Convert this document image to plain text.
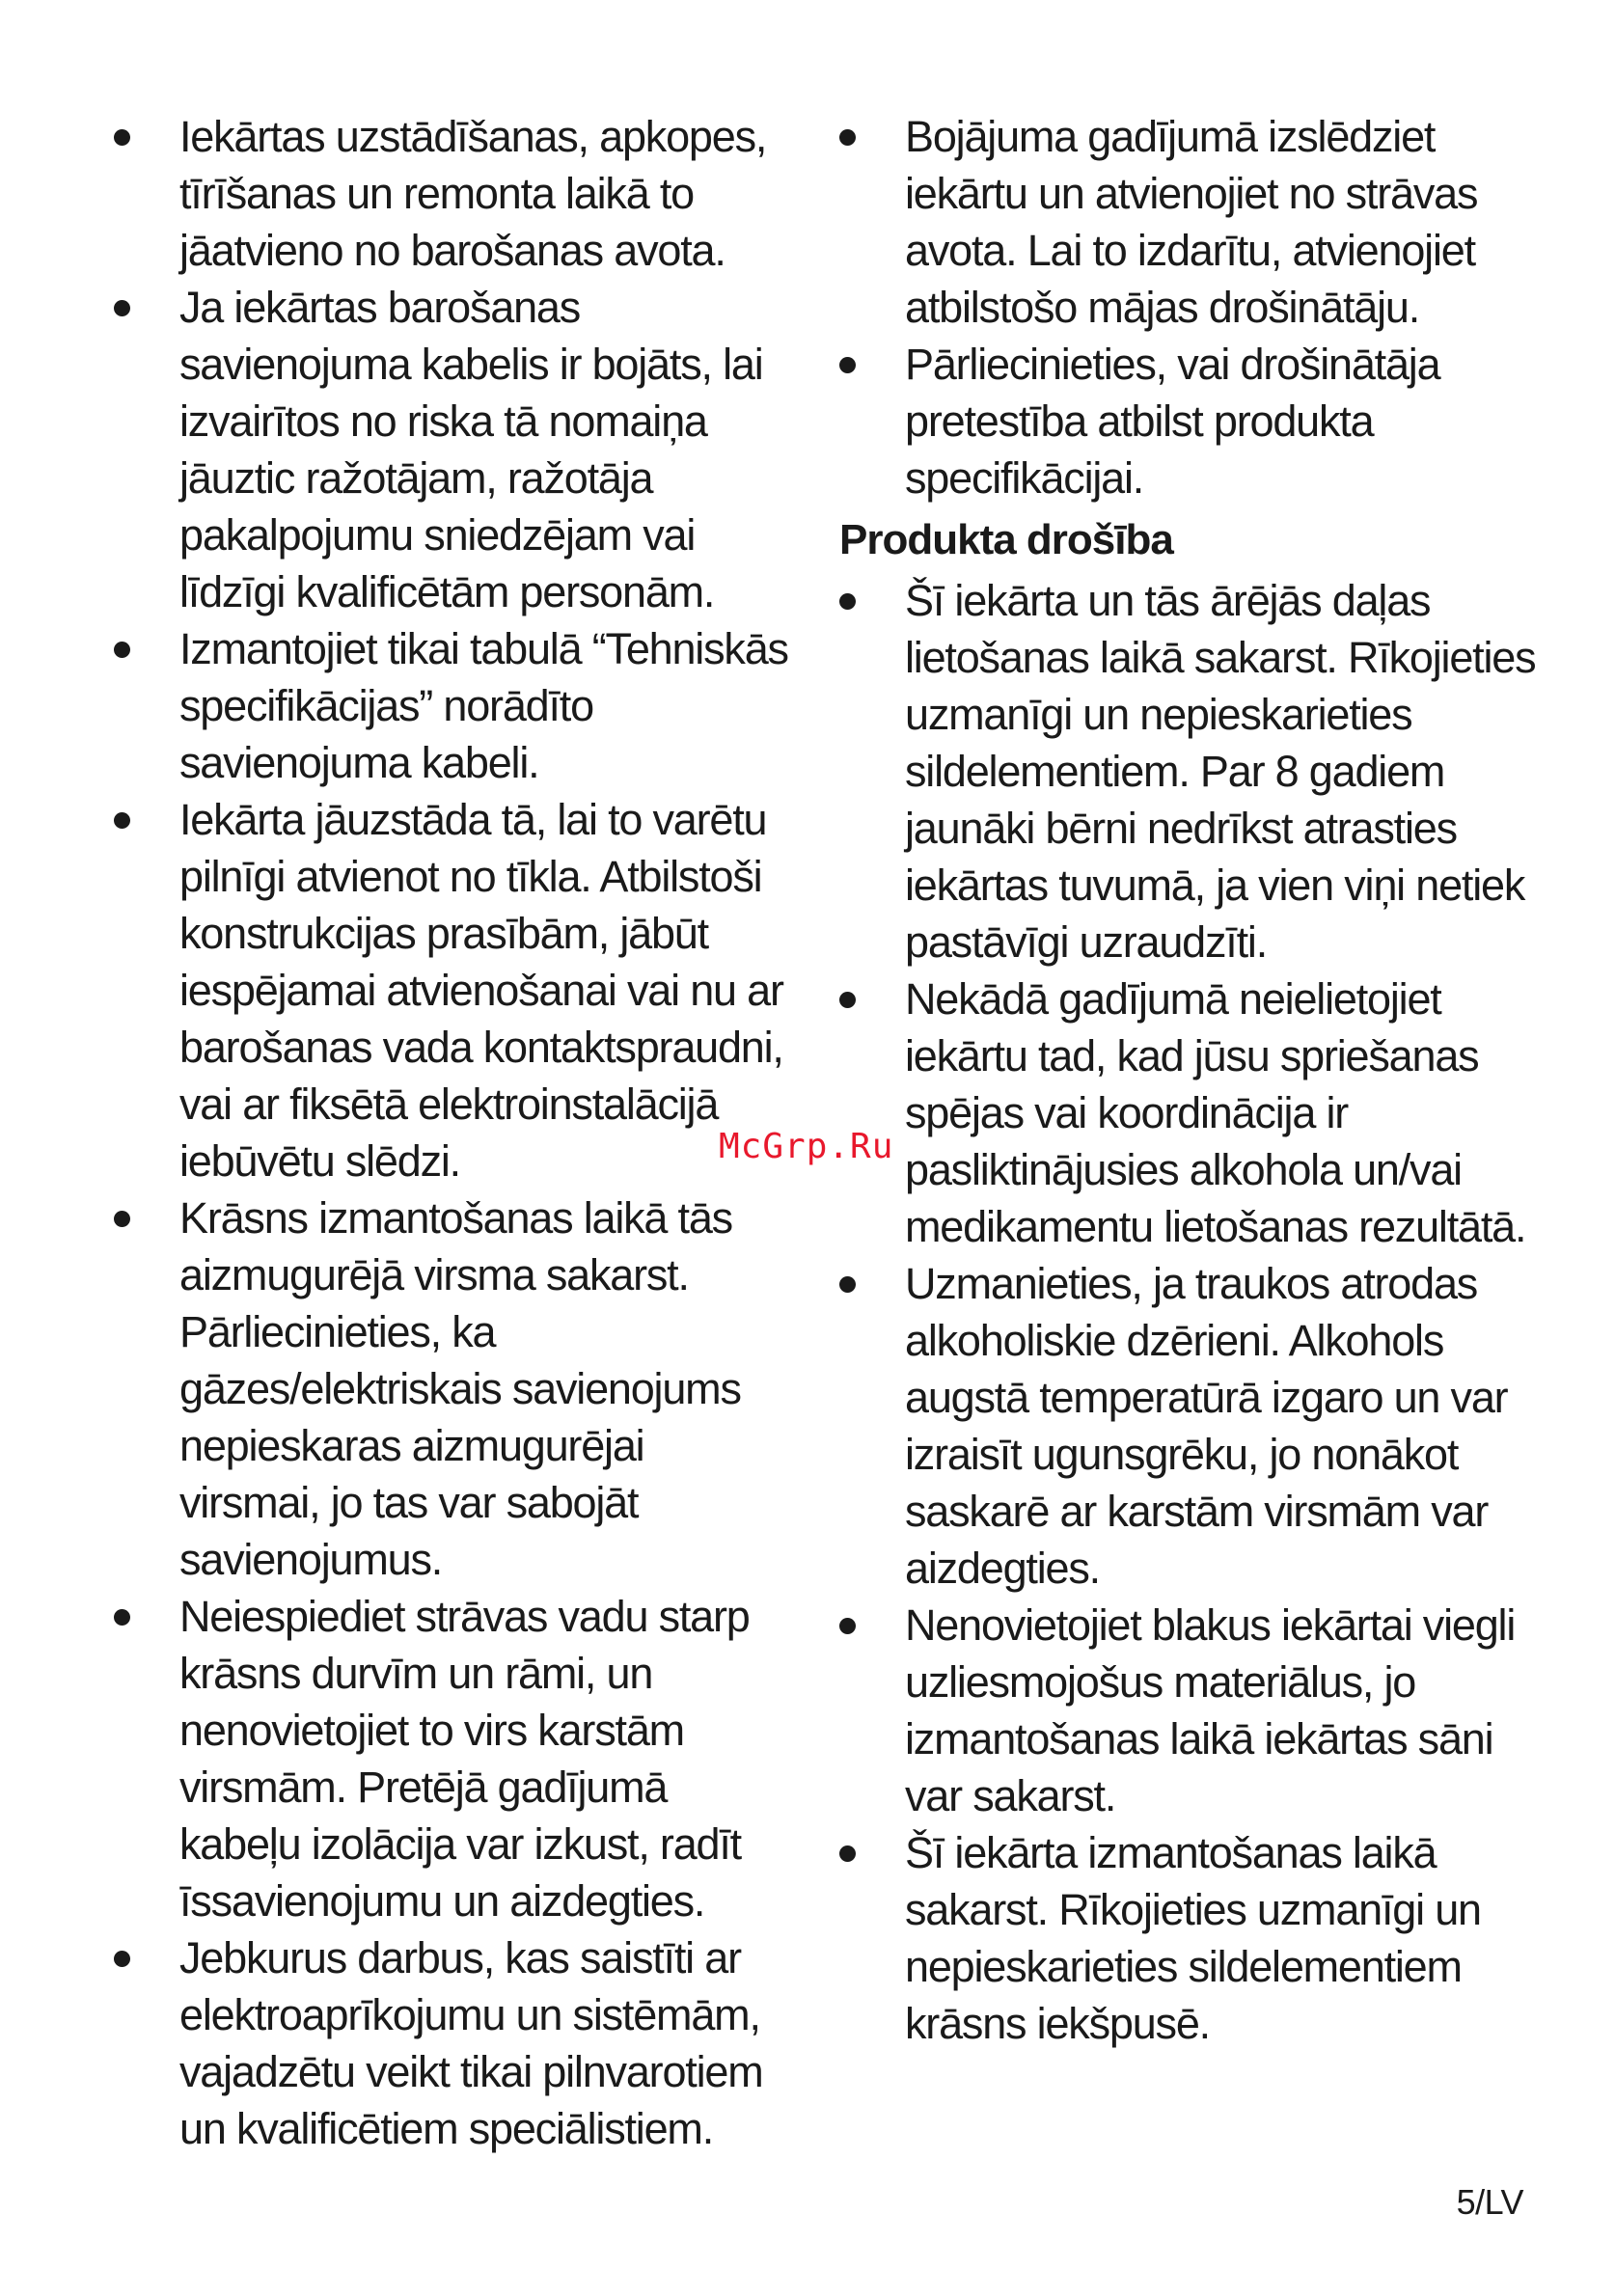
Iekārtas uzstādīšanas, apkopes, tīrīšanas un remonta laikā to jāatvieno no barošanas avota.
Ja iekārtas barošanas savienojuma kabelis ir bojāts, lai izvairītos no riska tā nomaiņa jāuztic ražotājam, ražotāja pakalpojumu sniedzējam vai līdzīgi kvalificētām personām.
Izmantojiet tikai tabulā “Tehniskās specifikācijas” norādīto savienojuma kabeli.
Iekārta jāuzstāda tā, lai to varētu pilnīgi atvienot no tīkla. Atbilstoši konstrukcijas prasībām, jābūt iespējamai atvienošanai vai nu ar barošanas vada kontaktspraudni, vai ar fiksētā elektroinstalācijā iebūvētu slēdzi.
Krāsns izmantošanas laikā tās aizmugurējā virsma sakarst. Pārliecinieties, ka gāzes/elektriskais savienojums nepieskaras aizmugurējai virsmai, jo tas var sabojāt savienojumus.
Neiespiediet strāvas vadu starp krāsns durvīm un rāmi, un nenovietojiet to virs karstām virsmām. Pretējā gadījumā kabeļu izolācija var izkust, radīt īssavienojumu un aizdegties.
Jebkurus darbus, kas saistīti ar elektroaprīkojumu un sistēmām, vajadzētu veikt tikai pilnvarotiem un kvalificētiem speciālistiem.
Bojājuma gadījumā izslēdziet iekārtu un atvienojiet no strāvas avota. Lai to izdarītu, atvienojiet atbilstošo mājas drošinātāju.
Pārliecinieties, vai drošinātāja pretestība atbilst produkta specifikācijai.
Produkta drošība
Šī iekārta un tās ārējās daļas lietošanas laikā sakarst. Rīkojieties uzmanīgi un nepieskarieties sildelementiem. Par 8 gadiem jaunāki bērni nedrīkst atrasties iekārtas tuvumā, ja vien viņi netiek pastāvīgi uzraudzīti.
Nekādā gadījumā neielietojiet iekārtu tad, kad jūsu spriešanas spējas vai koordinācija ir pasliktinājusies alkohola un/vai medikamentu lietošanas rezultātā.
Uzmanieties, ja traukos atrodas alkoholiskie dzērieni. Alkohols augstā temperatūrā izgaro un var izraisīt ugunsgrēku, jo nonākot saskarē ar karstām virsmām var aizdegties.
Nenovietojiet blakus iekārtai viegli uzliesmojošus materiālus, jo izmantošanas laikā iekārtas sāni var sakarst.
Šī iekārta izmantošanas laikā sakarst. Rīkojieties uzmanīgi un nepieskarieties sildelementiem krāsns iekšpusē.
McGrp.Ru
5/LV
